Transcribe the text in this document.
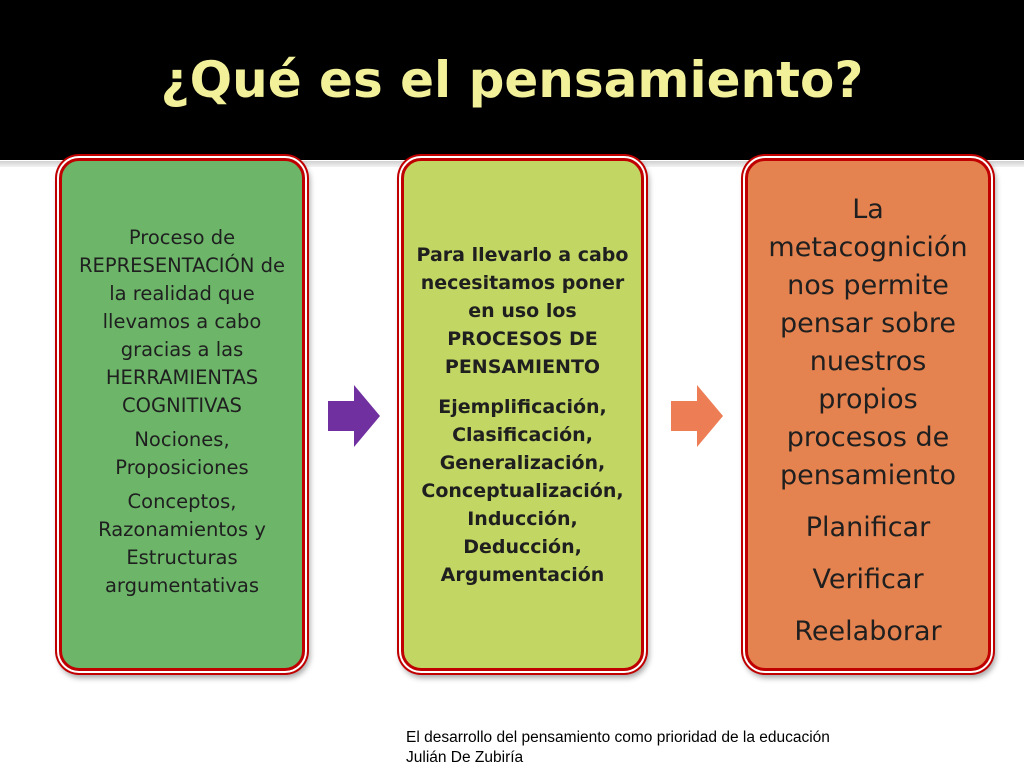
¿Qué es el pensamiento?
Proceso de REPRESENTACIÓN de la realidad que llevamos a cabo gracias a las HERRAMIENTAS COGNITIVAS
Nociones, Proposiciones
Conceptos, Razonamientos y Estructuras argumentativas
Para llevarlo a cabo necesitamos poner en uso los PROCESOS DE PENSAMIENTO
Ejemplificación, Clasificación, Generalización, Conceptualización, Inducción, Deducción, Argumentación
La metacognición nos permite pensar sobre nuestros propios procesos de pensamiento
Planificar
Verificar
Reelaborar
El desarrollo del pensamiento como prioridad de la educación
Julián De Zubiría
